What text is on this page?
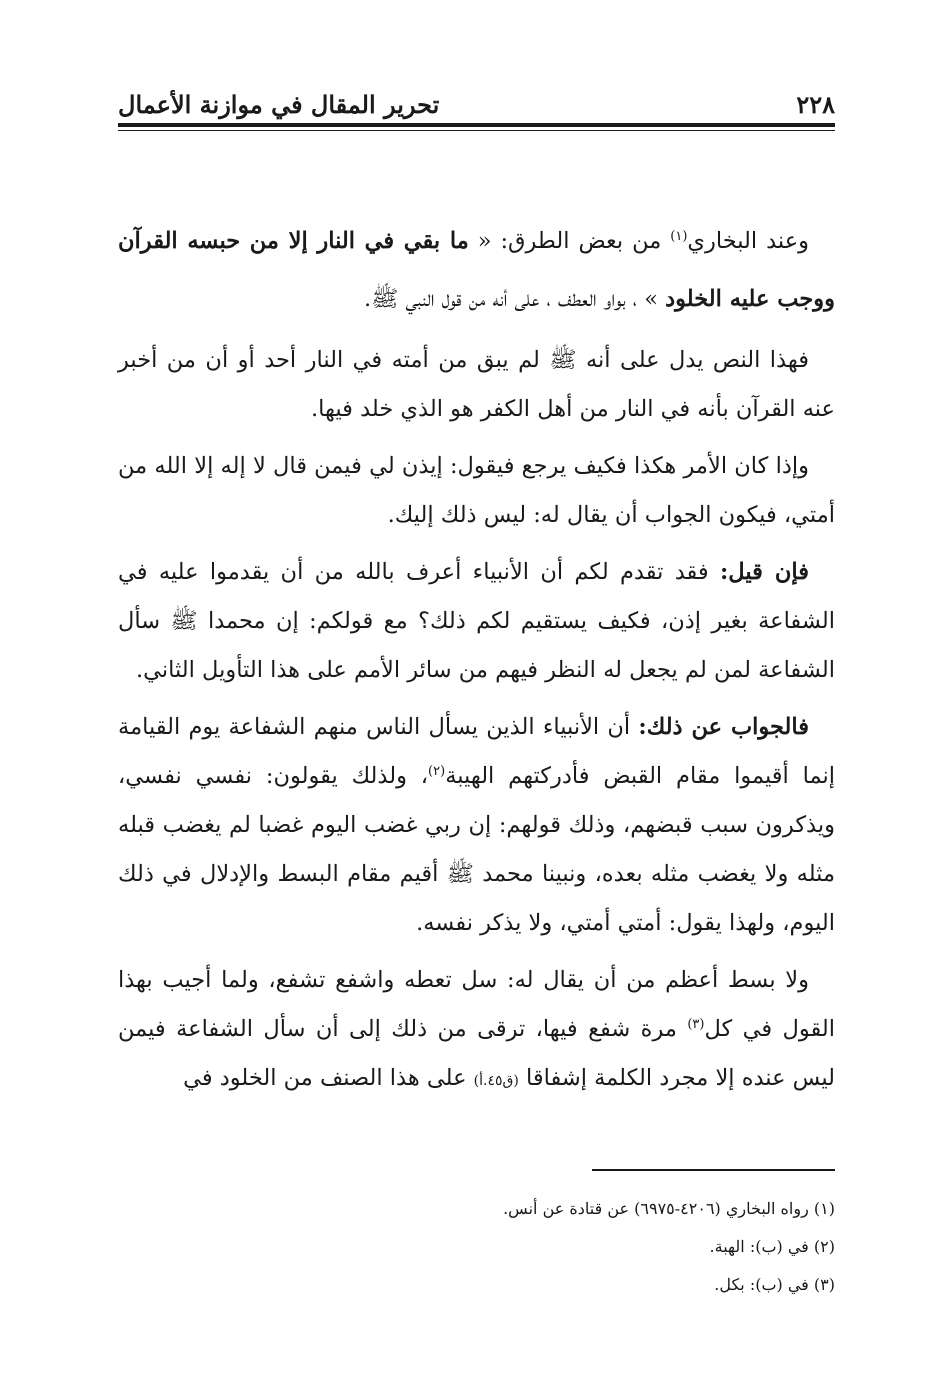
٢٢٨
تحرير المقال في موازنة الأعمال

وعند البخاري$^{(١)}$ من بعض الطرق: « ما بقي في النار إلا من حبسه القرآن ووجب عليه الخلود » ، بواو العطف ، على أنه من قول النبي ﷺ.

فهذا النص يدل على أنه ﷺ لم يبق من أمته في النار أحد أو أن من أخبر عنه القرآن بأنه في النار من أهل الكفر هو الذي خلد فيها.

وإذا كان الأمر هكذا فكيف يرجع فيقول: إيذن لي فيمن قال لا إله إلا الله من أمتي، فيكون الجواب أن يقال له: ليس ذلك إليك.

فإن قيل: فقد تقدم لكم أن الأنبياء أعرف بالله من أن يقدموا عليه في الشفاعة بغير إذن، فكيف يستقيم لكم ذلك؟ مع قولكم: إن محمدا ﷺ سأل الشفاعة لمن لم يجعل له النظر فيهم من سائر الأمم على هذا التأويل الثاني.

فالجواب عن ذلك: أن الأنبياء الذين يسأل الناس منهم الشفاعة يوم القيامة إنما أقيموا مقام القبض فأدركتهم الهيبة$^{(٢)}$، ولذلك يقولون: نفسي نفسي، ويذكرون سبب قبضهم، وذلك قولهم: إن ربي غضب اليوم غضبا لم يغضب قبله مثله ولا يغضب مثله بعده، ونبينا محمد ﷺ أقيم مقام البسط والإدلال في ذلك اليوم، ولهذا يقول: أمتي أمتي، ولا يذكر نفسه.

ولا بسط أعظم من أن يقال له: سل تعطه واشفع تشفع، ولما أجيب بهذا القول في كل$^{(٣)}$ مرة شفع فيها، ترقى من ذلك إلى أن سأل الشفاعة فيمن ليس عنده إلا مجرد الكلمة إشفاقا (ق٤٥.أ) على هذا الصنف من الخلود في

(١) رواه البخاري (٤٢٠٦-٦٩٧٥) عن قتادة عن أنس.
(٢) في (ب): الهبة.
(٣) في (ب): بكل.
